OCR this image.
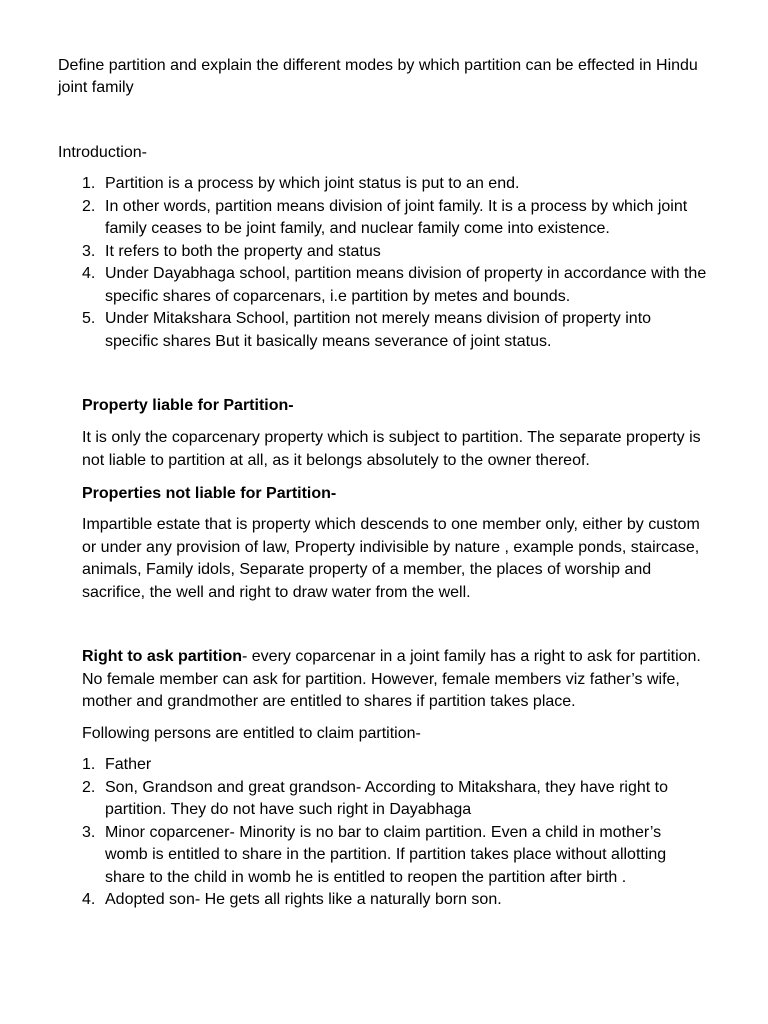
Define partition and explain the different modes by which partition can be effected in Hindu joint family

Introduction-

1. Partition is a process by which joint status is put to an end.
2. In other words, partition means division of joint family. It is a process by which joint family ceases to be joint family, and nuclear family come into existence.
3. It refers to both the property and status
4. Under Dayabhaga school, partition means division of property in accordance with the specific shares of coparcenars, i.e partition by metes and bounds.
5. Under Mitakshara School, partition not merely means division of property into specific shares But it basically means severance of joint status.

Property liable for Partition-

It is only the coparcenary property which is subject to partition. The separate property is not liable to partition at all, as it belongs absolutely to the owner thereof.

Properties not liable for Partition-

Impartible estate that is property which descends to one member only, either by custom or under any provision of law, Property indivisible by nature , example ponds, staircase, animals, Family idols, Separate property of a member, the places of worship and sacrifice, the well and right to draw water from the well.

Right to ask partition- every coparcenar in a joint family has a right to ask for partition. No female member can ask for partition. However, female members viz father’s wife, mother and grandmother are entitled to shares if partition takes place.

Following persons are entitled to claim partition-

1. Father
2. Son, Grandson and great grandson- According to Mitakshara, they have right to partition. They do not have such right in Dayabhaga
3. Minor coparcener- Minority is no bar to claim partition. Even a child in mother’s womb is entitled to share in the partition. If partition takes place without allotting share to the child in womb he is entitled to reopen the partition after birth .
4. Adopted son- He gets all rights like a naturally born son.
